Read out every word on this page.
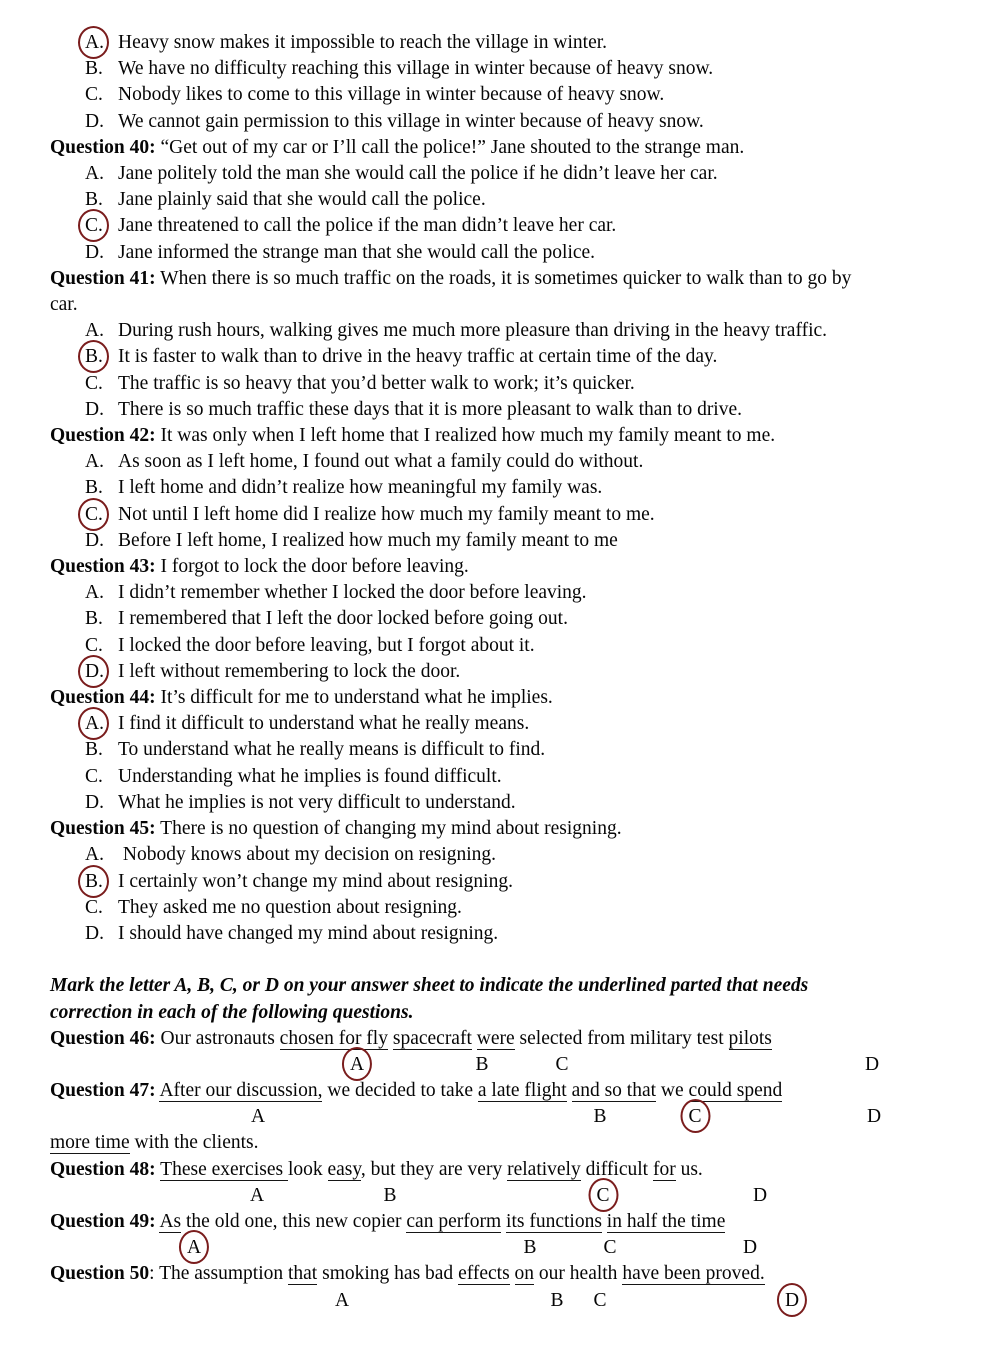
A. Heavy snow makes it impossible to reach the village in winter.
B. We have no difficulty reaching this village in winter because of heavy snow.
C. Nobody likes to come to this village in winter because of heavy snow.
D. We cannot gain permission to this village in winter because of heavy snow.
Question 40: “Get out of my car or I’ll call the police!” Jane shouted to the strange man.
A. Jane politely told the man she would call the police if he didn’t leave her car.
B. Jane plainly said that she would call the police.
C. Jane threatened to call the police if the man didn’t leave her car.
D. Jane informed the strange man that she would call the police.
Question 41: When there is so much traffic on the roads, it is sometimes quicker to walk than to go by
car.
A. During rush hours, walking gives me much more pleasure than driving in the heavy traffic.
B. It is faster to walk than to drive in the heavy traffic at certain time of the day.
C. The traffic is so heavy that you’d better walk to work; it’s quicker.
D. There is so much traffic these days that it is more pleasant to walk than to drive.
Question 42: It was only when I left home that I realized how much my family meant to me.
A. As soon as I left home, I found out what a family could do without.
B. I left home and didn’t realize how meaningful my family was.
C. Not until I left home did I realize how much my family meant to me.
D. Before I left home, I realized how much my family meant to me
Question 43: I forgot to lock the door before leaving.
A. I didn’t remember whether I locked the door before leaving.
B. I remembered that I left the door locked before going out.
C. I locked the door before leaving, but I forgot about it.
D. I left without remembering to lock the door.
Question 44: It’s difficult for me to understand what he implies.
A. I find it difficult to understand what he really means.
B. To understand what he really means is difficult to find.
C. Understanding what he implies is found difficult.
D. What he implies is not very difficult to understand.
Question 45: There is no question of changing my mind about resigning.
A. Nobody knows about my decision on resigning.
B. I certainly won’t change my mind about resigning.
C. They asked me no question about resigning.
D. I should have changed my mind about resigning.
Mark the letter A, B, C, or D on your answer sheet to indicate the underlined parted that needs
correction in each of the following questions.
Question 46: Our astronauts chosen for fly spacecraft were selected from military test pilots
A	B	C	D
Question 47: After our discussion, we decided to take a late flight and so that we could spend
A	B	C	D
more time with the clients.
Question 48: These exercises look easy, but they are very relatively difficult for us.
A	B	C	D
Question 49: As the old one, this new copier can perform its functions in half the time
A	B	C	D
Question 50: The assumption that smoking has bad effects on our health have been proved.
A	B C	D
